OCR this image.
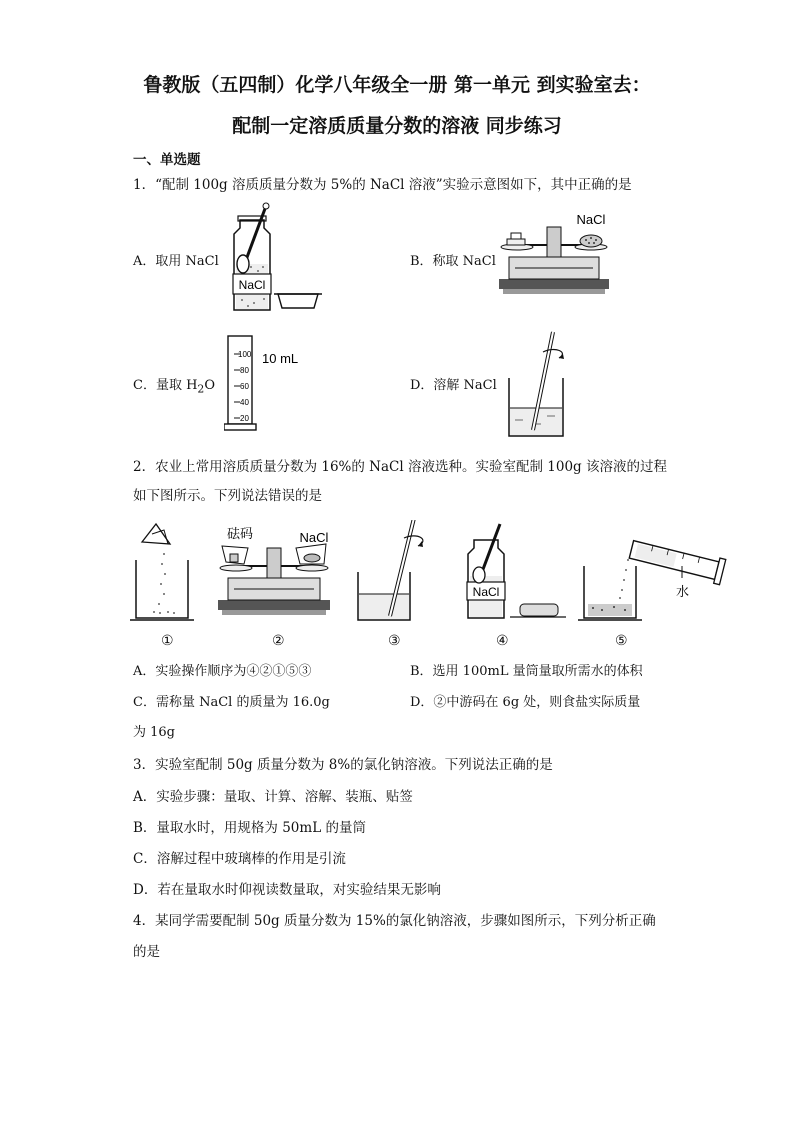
鲁教版（五四制）化学八年级全一册 第一单元 到实验室去：
配制一定溶质质量分数的溶液 同步练习
一、单选题
1．“配制 100g 溶质质量分数为 5%的 NaCl 溶液”实验示意图如下，其中正确的是
A．取用 NaCl
NaCl
B．称取 NaCl
NaCl
C．量取 $H_2O$
100
80
60
40
20
10 mL
D．溶解 NaCl
2．农业上常用溶质质量分数为 16%的 NaCl 溶液选种。实验室配制 100g 该溶液的过程
如下图所示。下列说法错误的是
砝码	NaCl
NaCl	水
①	②	③	④	⑤
A．实验操作顺序为④②①⑤③	B．选用 100mL 量筒量取所需水的体积
C．需称量 NaCl 的质量为 16.0g	D．②中游码在 6g 处，则食盐实际质量
为 16g
3．实验室配制 50g 质量分数为 8%的氯化钠溶液。下列说法正确的是
A．实验步骤：量取、计算、溶解、装瓶、贴签
B．量取水时，用规格为 50mL 的量筒
C．溶解过程中玻璃棒的作用是引流
D．若在量取水时仰视读数量取，对实验结果无影响
4．某同学需要配制 50g 质量分数为 15%的氯化钠溶液，步骤如图所示，下列分析正确
的是
